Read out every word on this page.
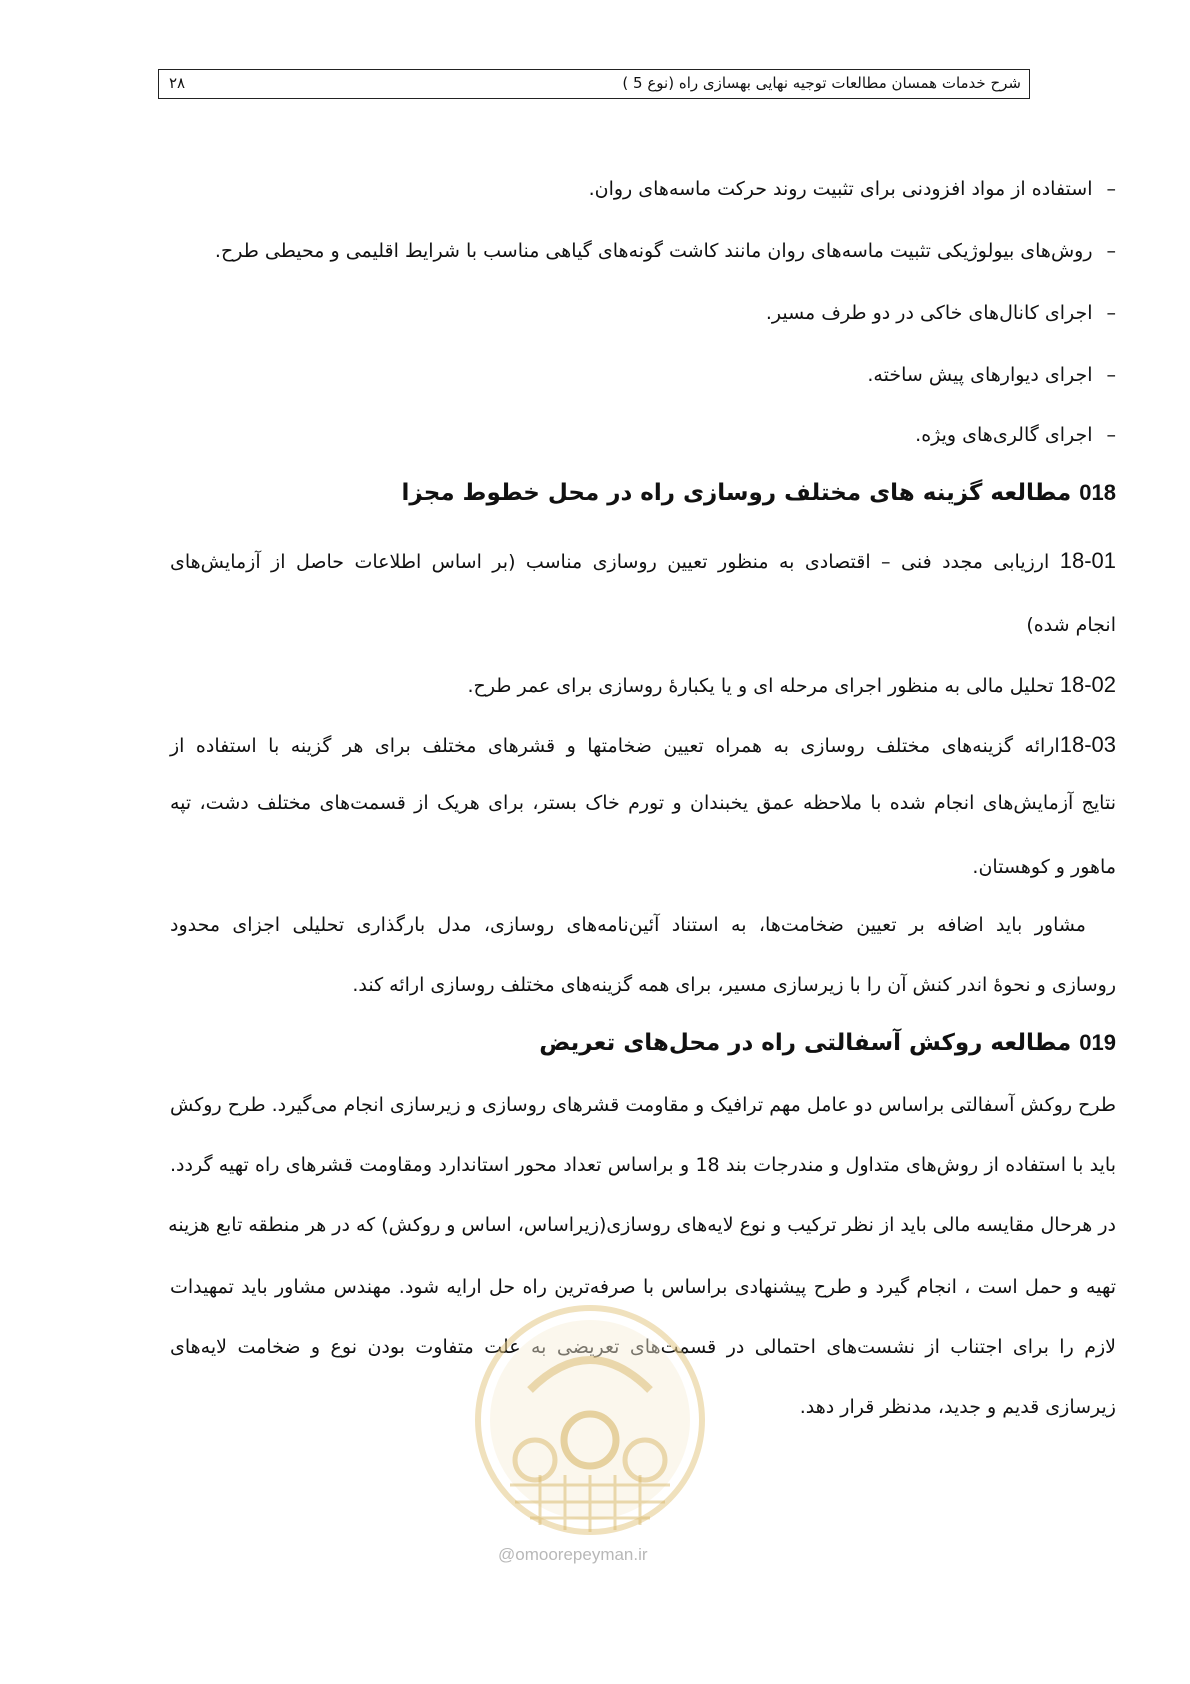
شرح خدمات همسان مطالعات توجیه نهایی بهسازی راه (نوع 5 )
۲۸
–استفاده از مواد افزودنی برای تثبیت روند حرکت ماسه‌های روان.
–روش‌های بیولوژیکی تثبیت ماسه‌های روان مانند کاشت گونه‌های گیاهی مناسب با شرایط اقلیمی و محیطی طرح.
–اجرای کانال‌های خاکی در دو طرف مسیر.
–اجرای دیوارهای پیش ساخته.
–اجرای گالری‌های ویژه.
018 مطالعه گزینه های مختلف روسازی راه در محل خطوط مجزا
18-01 ارزیابی مجدد فنی – اقتصادی به منظور تعیین روسازی مناسب (بر اساس اطلاعات حاصل از آزمایش‌های
انجام شده)
18-02 تحلیل مالی به منظور اجرای مرحله ای و یا یکبارهٔ روسازی برای عمر طرح.
18-03ارائه گزینه‌های مختلف روسازی به همراه تعیین ضخامتها و قشرهای مختلف برای هر گزینه با استفاده از
نتایج آزمایش‌های انجام شده با ملاحظه عمق یخبندان و تورم خاک بستر، برای هریک از قسمت‌های مختلف دشت، تپه
ماهور و کوهستان.
مشاور باید اضافه بر تعیین ضخامت‌ها، به استناد آئین‌نامه‌های روسازی، مدل بارگذاری تحلیلی اجزای محدود
روسازی و نحوهٔ اندر کنش آن را با زیرسازی مسیر، برای همه گزینه‌های مختلف روسازی ارائه کند.
019 مطالعه روکش آسفالتی راه در محل‌های تعریض
طرح روکش آسفالتی براساس دو عامل مهم ترافیک و مقاومت قشرهای روسازی و زیرسازی انجام می‌گیرد. طرح روکش
باید با استفاده از روش‌های متداول و مندرجات بند 18 و براساس تعداد محور استاندارد ومقاومت قشرهای راه تهیه گردد.
در هرحال مقایسه مالی باید از نظر ترکیب و نوع لایه‌های روسازی(زیراساس، اساس و روکش) که در هر منطقه تابع هزینه
تهیه و حمل است ، انجام گیرد و طرح پیشنهادی براساس با صرفه‌ترین راه حل ارایه شود. مهندس مشاور باید تمهیدات
لازم را برای اجتناب از نشست‌های احتمالی در قسمت‌های تعریضی به علت متفاوت بودن نوع و ضخامت لایه‌های
زیرسازی قدیم و جدید، مدنظر قرار دهد.
@omoorepeyman.ir
